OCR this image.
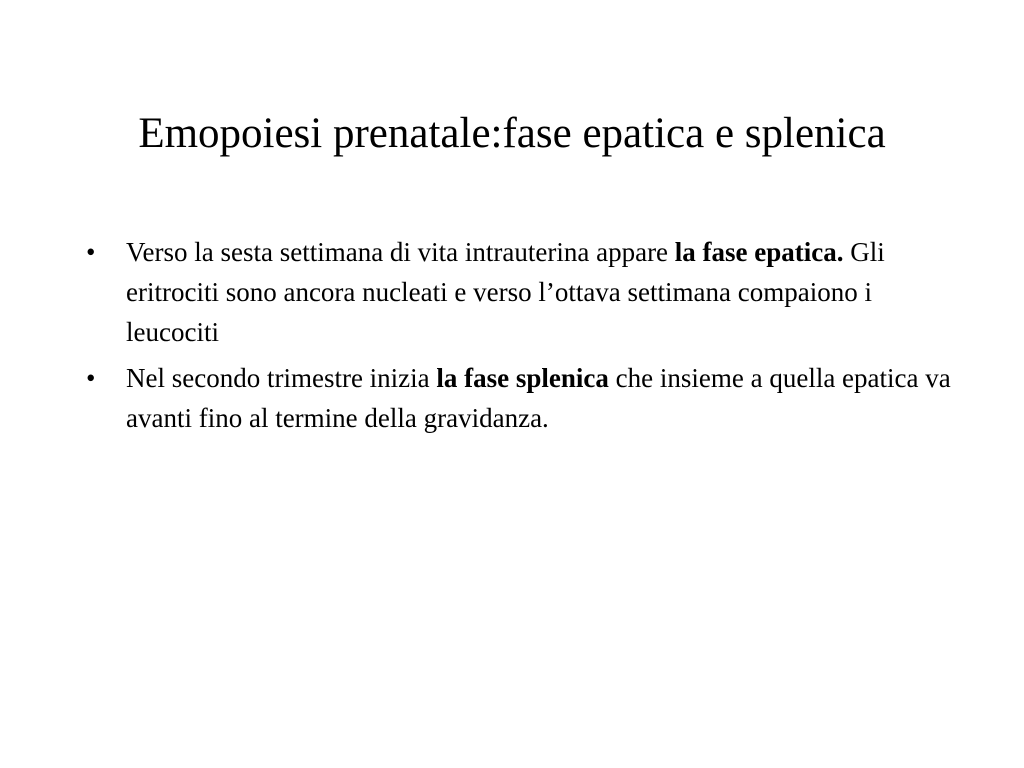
Emopoiesi prenatale:fase epatica e splenica
•	Verso la sesta settimana di vita intrauterina appare la fase epatica. Gli eritrociti sono ancora nucleati e verso l’ottava settimana compaiono i leucociti
•	Nel secondo trimestre inizia la fase splenica che insieme a quella epatica va avanti fino al termine della gravidanza.
